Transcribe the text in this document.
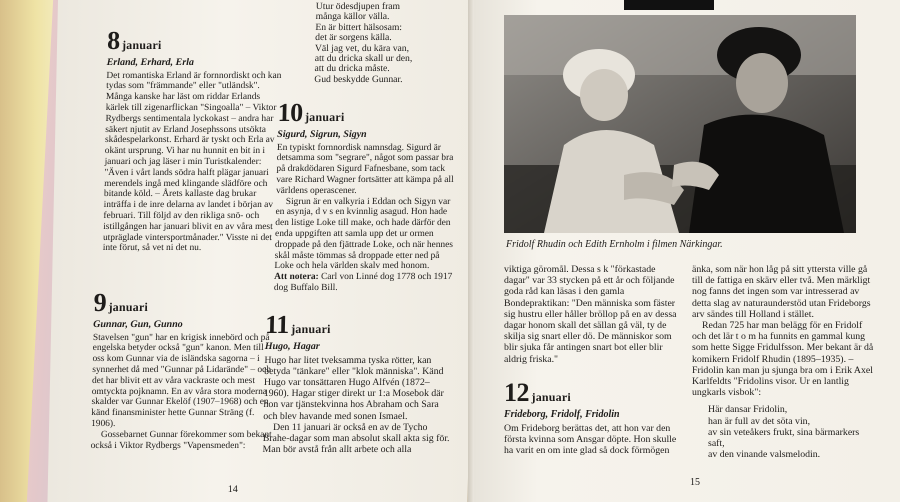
8 januari
Erland, Erhard, Erla

Det romantiska Erland är fornnordiskt och kan tydas som "främmande" eller "utländsk". Många kanske har läst om riddar Erlands kärlek till zigenarflickan "Singoalla" – Viktor Rydbergs sentimentala lyckokast – andra har säkert njutit av Erland Josephssons utsökta skådespelarkonst. Erhard är tyskt och Erla av okänt ursprung. Vi har nu hunnit en bit in i januari och jag läser i min Turistkalender: "Även i vårt lands södra halft plägar januari merendels ingå med klingande slädföre och bitande köld. – Årets kallaste dag brukar inträffa i de inre delarna av landet i början av februari. Till följd av den rikliga snö- och istillgången har januari blivit en av våra mest utpräglade vintersportmånader." Visste ni det inte förut, så vet ni det nu.

Utur ödesdjupen fram
många källor välla.
En är bittert hälsosam:
det är sorgens källa.
Väl jag vet, du kära van,
att du dricka skall ur den,
att du dricka måste.
Gud beskydde Gunnar.
10 januari
Sigurd, Sigrun, Sigyn

En typiskt fornnordisk namnsdag. Sigurd är detsamma som "segrare", något som passar bra på drakdödaren Sigurd Fafnesbane, som tack vare Richard Wagner fortsätter att kämpa på all världens operascener.

Sigrun är en valkyria i Eddan och Sigyn var en asynja, d v s en kvinnlig asagud. Hon hade den listige Loke till make, och hade därför den enda uppgiften att samla upp det ur ormen droppade på den fjättrade Loke, och när hennes skål måste tömmas så droppade etter ned på Loke och hela världen skalv med honom.

Att notera: Carl von Linné dog 1778 och 1917 dog Buffalo Bill.

9 januari
Gunnar, Gun, Gunno

Stavelsen "gun" har en krigisk innebörd och på engelska betyder också "gun" kanon. Men till oss kom Gunnar via de isländska sagorna – i synnerhet då med "Gunnar på Lidarände" – och det har blivit ett av våra vackraste och mest omtyckta pojknamn. En av våra stora moderna skalder var Gunnar Ekelöf (1907–1968) och en känd finansminister hette Gunnar Sträng (f. 1906).

Gossebarnet Gunnar förekommer som bekant också i Viktor Rydbergs "Vapensmeden":

11 januari
Hugo, Hagar

Hugo har litet tveksamma tyska rötter, kan betyda "tänkare" eller "klok människa". Känd Hugo var tonsättaren Hugo Alfvén (1872–1960). Hagar stiger direkt ur 1:a Mosebok där hon var tjänstekvinna hos Abraham och Sara och blev havande med sonen Ismael.

Den 11 januari är också en av de Tycho Brahe-dagar som man absolut skall akta sig för. Man bör avstå från allt arbete och alla

14
Fridolf Rhudin och Edith Ernholm i filmen Närkingar.

viktiga göromål. Dessa s k "förkastade dagar" var 33 stycken på ett år och följande goda råd kan läsas i den gamla Bondepraktikan: "Den människa som fäster sig hustru eller håller bröllop på en av dessa dagar honom skall det sällan gå väl, ty de skilja sig snart eller dö. De människor som blir sjuka får antingen snart bot eller blir aldrig friska."

12 januari
Frideborg, Fridolf, Fridolin

Om Frideborg berättas det, att hon var den första kvinna som Ansgar döpte. Hon skulle ha varit en om inte glad så dock förmögen

änka, som när hon låg på sitt yttersta ville gå till de fattiga en skärv eller två. Men märkligt nog fanns det ingen som var intresserad av detta slag av naturaunderstöd utan Frideborgs arv sändes till Holland i stället.

Redan 725 har man belägg för en Fridolf och det lär t o m ha funnits en gammal kung som hette Sigge Fridulfsson. Mer bekant är då komikern Fridolf Rhudin (1895–1935). – Fridolin kan man ju sjunga bra om i Erik Axel Karlfeldts "Fridolins visor. Ur en lantlig ungkarls visbok":

Här dansar Fridolin,
han är full av det söta vin,
av sin veteåkers frukt, sina bärmarkers saft,
av den vinande valsmelodin.
15
